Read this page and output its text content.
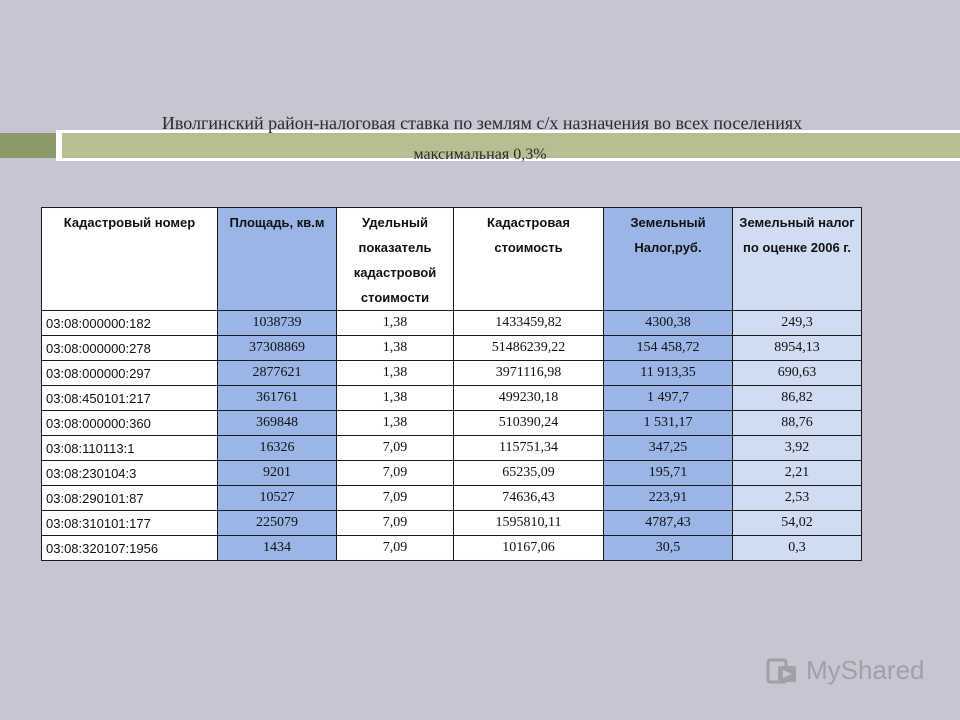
Иволгинский район-налоговая ставка по землям с/х назначения во всех поселениях
максимальная 0,3%
Кадастровый номер	Площадь, кв.м	Удельный показатель кадастровой стоимости	Кадастровая стоимость	Земельный Налог,руб.	Земельный налог по оценке 2006 г.
03:08:000000:182	1038739	1,38	1433459,82	4300,38	249,3
03:08:000000:278	37308869	1,38	51486239,22	154 458,72	8954,13
03:08:000000:297	2877621	1,38	3971116,98	11 913,35	690,63
03:08:450101:217	361761	1,38	499230,18	1 497,7	86,82
03:08:000000:360	369848	1,38	510390,24	1 531,17	88,76
03:08:110113:1	16326	7,09	115751,34	347,25	3,92
03:08:230104:3	9201	7,09	65235,09	195,71	2,21
03:08:290101:87	10527	7,09	74636,43	223,91	2,53
03:08:310101:177	225079	7,09	1595810,11	4787,43	54,02
03:08:320107:1956	1434	7,09	10167,06	30,5	0,3
MyShared
